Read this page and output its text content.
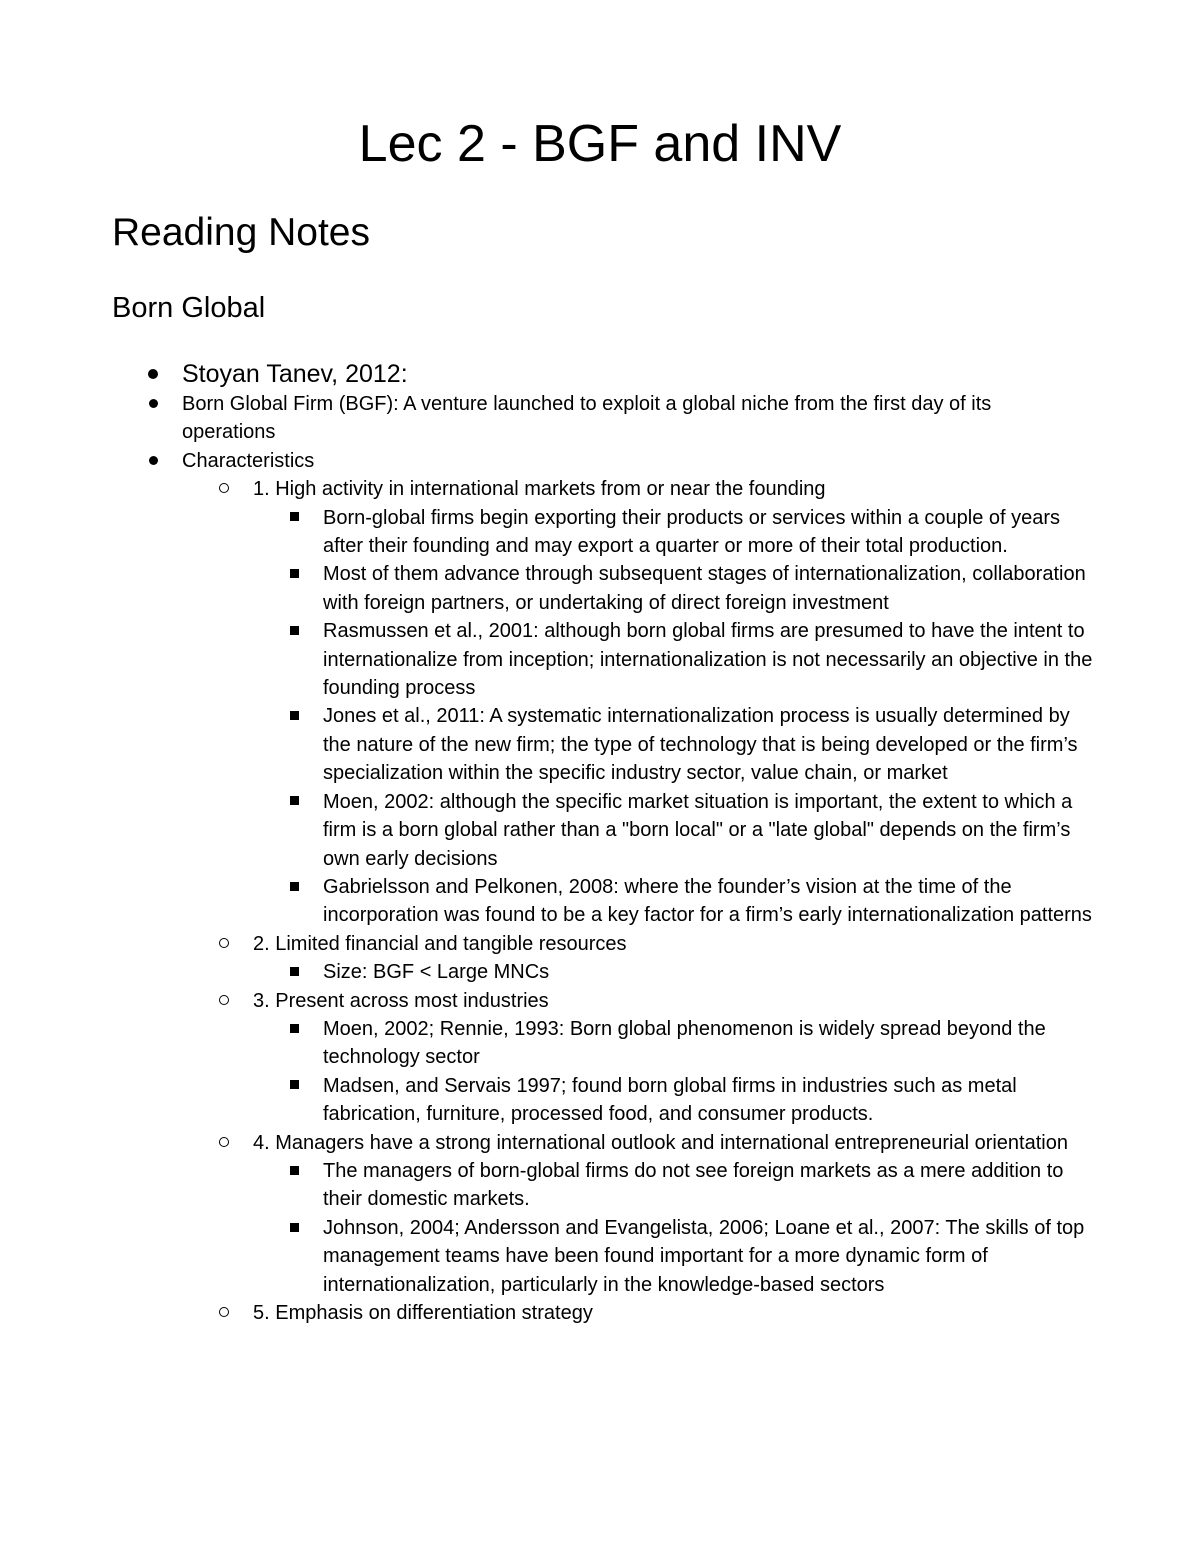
Lec 2 - BGF and INV
Reading Notes
Born Global
Stoyan Tanev, 2012:
Born Global Firm (BGF): A venture launched to exploit a global niche from the first day of its operations
Characteristics
1. High activity in international markets from or near the founding
Born-global firms begin exporting their products or services within a couple of years after their founding and may export a quarter or more of their total production.
Most of them advance through subsequent stages of internationalization, collaboration with foreign partners, or undertaking of direct foreign investment
Rasmussen et al., 2001: although born global firms are presumed to have the intent to internationalize from inception; internationalization is not necessarily an objective in the founding process
Jones et al., 2011: A systematic internationalization process is usually determined by the nature of the new firm; the type of technology that is being developed or the firm’s specialization within the specific industry sector, value chain, or market
Moen, 2002: although the specific market situation is important, the extent to which a firm is a born global rather than a "born local" or a "late global" depends on the firm’s own early decisions
Gabrielsson and Pelkonen, 2008: where the founder’s vision at the time of the incorporation was found to be a key factor for a firm’s early internationalization patterns
2. Limited financial and tangible resources
Size: BGF < Large MNCs
3. Present across most industries
Moen, 2002; Rennie, 1993: Born global phenomenon is widely spread beyond the technology sector
Madsen, and Servais 1997; found born global firms in industries such as metal fabrication, furniture, processed food, and consumer products.
4. Managers have a strong international outlook and international entrepreneurial orientation
The managers of born-global firms do not see foreign markets as a mere addition to their domestic markets.
Johnson, 2004; Andersson and Evangelista, 2006; Loane et al., 2007: The skills of top management teams have been found important for a more dynamic form of internationalization, particularly in the knowledge-based sectors
5. Emphasis on differentiation strategy
